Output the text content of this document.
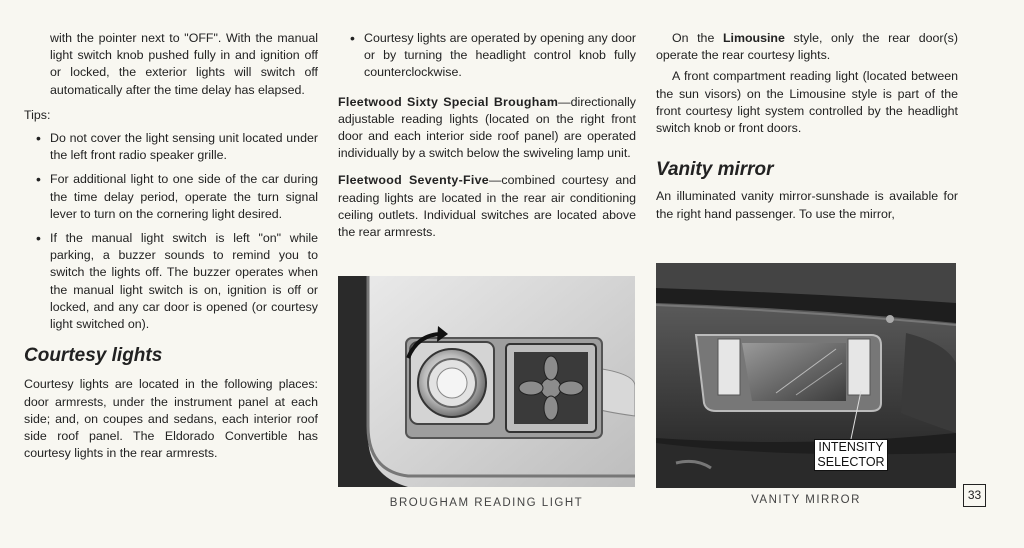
with the pointer next to "OFF". With the manual light switch knob pushed fully in and ignition off or locked, the exterior lights will switch off automatically after the time delay has elapsed.

Tips:

• Do not cover the light sensing unit located under the left front radio speaker grille.
• For additional light to one side of the car during the time delay period, operate the turn signal lever to turn on the cornering light desired.
• If the manual light switch is left "on" while parking, a buzzer sounds to remind you to switch the lights off. The buzzer operates when the manual light switch is on, ignition is off or locked, and any car door is opened (or courtesy light switched on).
Courtesy lights

Courtesy lights are located in the following places: door armrests, under the instrument panel at each side; and, on coupes and sedans, each interior roof side roof panel. The Eldorado Convertible has courtesy lights in the rear armrests.

• Courtesy lights are operated by opening any door or by turning the headlight control knob fully counterclockwise.

Fleetwood Sixty Special Brougham—directionally adjustable reading lights (located on the right front door and each interior side roof panel) are operated individually by a switch below the swiveling lamp unit.

Fleetwood Seventy-Five—combined courtesy and reading lights are located in the rear air conditioning ceiling outlets. Individual switches are located above the rear armrests.

BROUGHAM READING LIGHT

On the Limousine style, only the rear door(s) operate the rear courtesy lights.

A front compartment reading light (located between the sun visors) on the Limousine style is part of the front courtesy light system controlled by the headlight switch knob or front doors.

Vanity mirror

An illuminated vanity mirror-sunshade is available for the right hand passenger. To use the mirror,

INTENSITY
SELECTOR
VANITY MIRROR	33
